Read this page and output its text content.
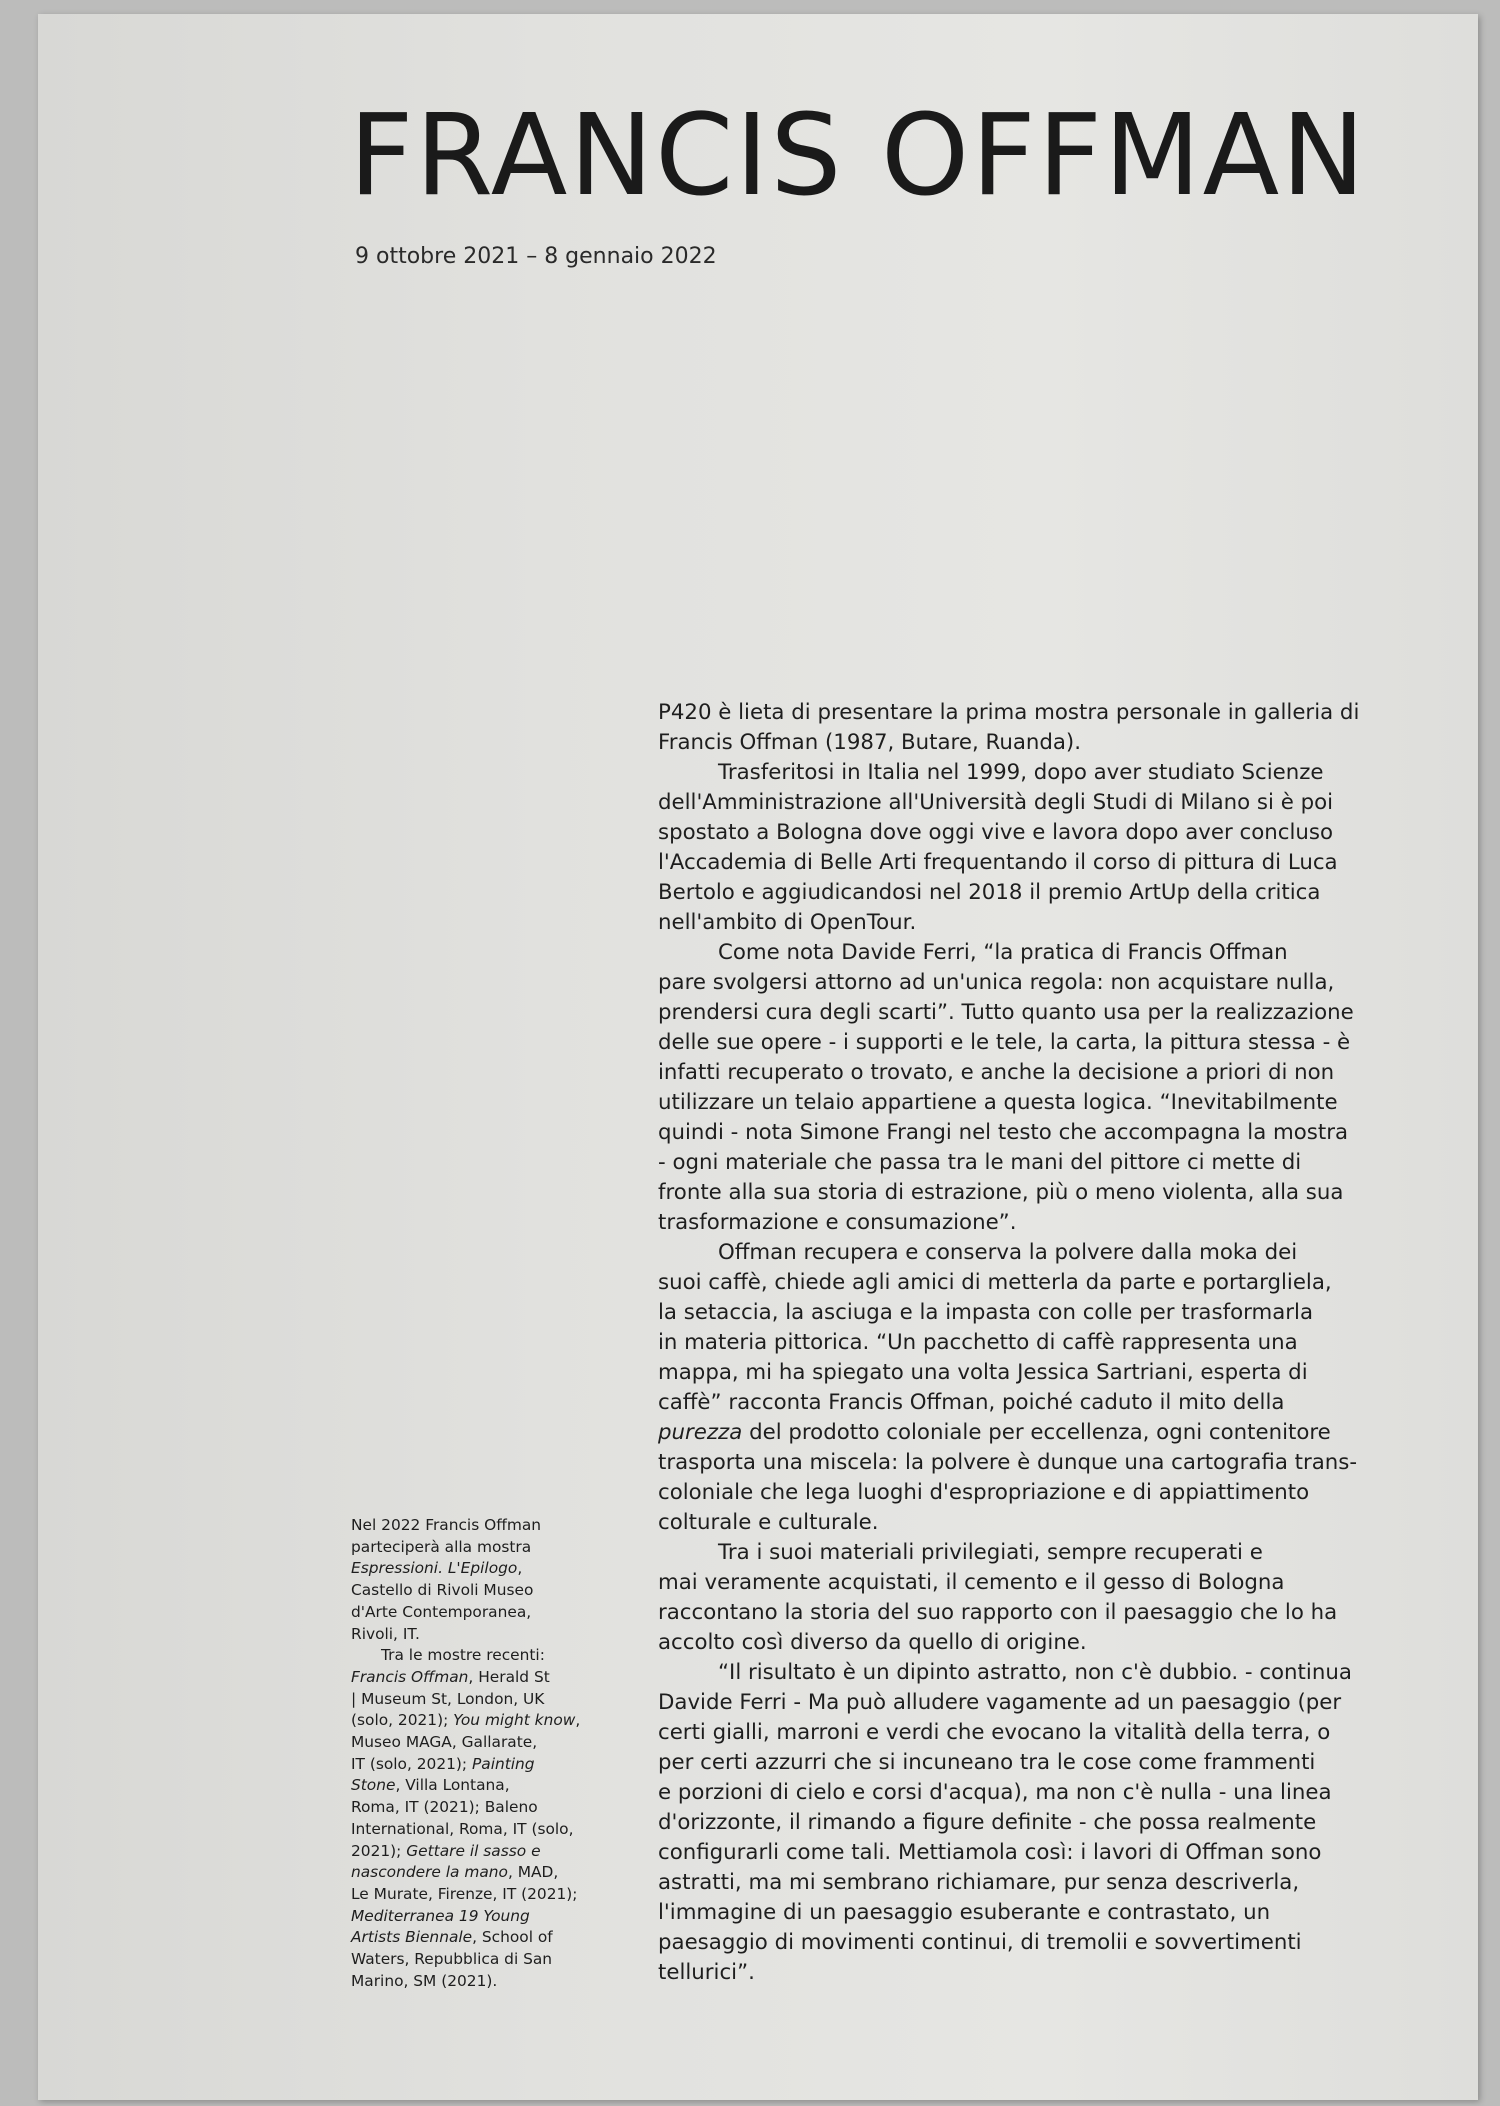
FRANCIS OFFMAN
9 ottobre 2021 – 8 gennaio 2022
P420 è lieta di presentare la prima mostra personale in galleria di
Francis Offman (1987, Butare, Ruanda).
Trasferitosi in Italia nel 1999, dopo aver studiato Scienze
dell'Amministrazione all'Università degli Studi di Milano si è poi
spostato a Bologna dove oggi vive e lavora dopo aver concluso
l'Accademia di Belle Arti frequentando il corso di pittura di Luca
Bertolo e aggiudicandosi nel 2018 il premio ArtUp della critica
nell'ambito di OpenTour.
Come nota Davide Ferri, “la pratica di Francis Offman
pare svolgersi attorno ad un'unica regola: non acquistare nulla,
prendersi cura degli scarti”. Tutto quanto usa per la realizzazione
delle sue opere - i supporti e le tele, la carta, la pittura stessa - è
infatti recuperato o trovato, e anche la decisione a priori di non
utilizzare un telaio appartiene a questa logica. “Inevitabilmente
quindi - nota Simone Frangi nel testo che accompagna la mostra
- ogni materiale che passa tra le mani del pittore ci mette di
fronte alla sua storia di estrazione, più o meno violenta, alla sua
trasformazione e consumazione”.
Offman recupera e conserva la polvere dalla moka dei
suoi caffè, chiede agli amici di metterla da parte e portargliela,
la setaccia, la asciuga e la impasta con colle per trasformarla
in materia pittorica. “Un pacchetto di caffè rappresenta una
mappa, mi ha spiegato una volta Jessica Sartriani, esperta di
caffè” racconta Francis Offman, poiché caduto il mito della
purezza del prodotto coloniale per eccellenza, ogni contenitore
trasporta una miscela: la polvere è dunque una cartografia trans-
coloniale che lega luoghi d'espropriazione e di appiattimento
colturale e culturale.
Tra i suoi materiali privilegiati, sempre recuperati e
mai veramente acquistati, il cemento e il gesso di Bologna
raccontano la storia del suo rapporto con il paesaggio che lo ha
accolto così diverso da quello di origine.
“Il risultato è un dipinto astratto, non c'è dubbio. - continua
Davide Ferri - Ma può alludere vagamente ad un paesaggio (per
certi gialli, marroni e verdi che evocano la vitalità della terra, o
per certi azzurri che si incuneano tra le cose come frammenti
e porzioni di cielo e corsi d'acqua), ma non c'è nulla - una linea
d'orizzonte, il rimando a figure definite - che possa realmente
configurarli come tali. Mettiamola così: i lavori di Offman sono
astratti, ma mi sembrano richiamare, pur senza descriverla,
l'immagine di un paesaggio esuberante e contrastato, un
paesaggio di movimenti continui, di tremolii e sovvertimenti
tellurici”.
Nel 2022 Francis Offman
parteciperà alla mostra
Espressioni. L'Epilogo,
Castello di Rivoli Museo
d'Arte Contemporanea,
Rivoli, IT.
Tra le mostre recenti:
Francis Offman, Herald St
| Museum St, London, UK
(solo, 2021); You might know,
Museo MAGA, Gallarate,
IT (solo, 2021); Painting
Stone, Villa Lontana,
Roma, IT (2021); Baleno
International, Roma, IT (solo,
2021); Gettare il sasso e
nascondere la mano, MAD,
Le Murate, Firenze, IT (2021);
Mediterranea 19 Young
Artists Biennale, School of
Waters, Repubblica di San
Marino, SM (2021).
